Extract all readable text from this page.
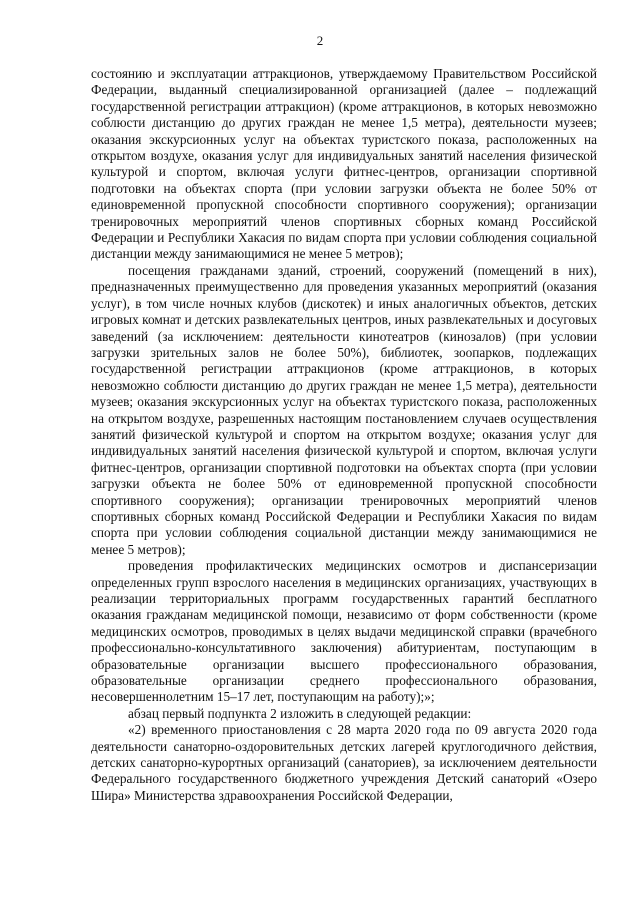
2

состоянию и эксплуатации аттракционов, утверждаемому Правительством Российской Федерации, выданный специализированной организацией (далее – подлежащий государственной регистрации аттракцион) (кроме аттракционов, в которых невозможно соблюсти дистанцию до других граждан не менее 1,5 метра), деятельности музеев; оказания экскурсионных услуг на объектах туристского показа, расположенных на открытом воздухе, оказания услуг для индивидуальных занятий населения физической культурой и спортом, включая услуги фитнес-центров, организации спортивной подготовки на объектах спорта (при условии загрузки объекта не более 50% от единовременной пропускной способности спортивного сооружения); организации тренировочных мероприятий членов спортивных сборных команд Российской Федерации и Республики Хакасия по видам спорта при условии соблюдения социальной дистанции между занимающимися не менее 5 метров);

посещения гражданами зданий, строений, сооружений (помещений в них), предназначенных преимущественно для проведения указанных мероприятий (оказания услуг), в том числе ночных клубов (дискотек) и иных аналогичных объектов, детских игровых комнат и детских развлекательных центров, иных развлекательных и досуговых заведений (за исключением: деятельности кинотеатров (кинозалов) (при условии загрузки зрительных залов не более 50%), библиотек, зоопарков, подлежащих государственной регистрации аттракционов (кроме аттракционов, в которых невозможно соблюсти дистанцию до других граждан не менее 1,5 метра), деятельности музеев; оказания экскурсионных услуг на объектах туристского показа, расположенных на открытом воздухе, разрешенных настоящим постановлением случаев осуществления занятий физической культурой и спортом на открытом воздухе; оказания услуг для индивидуальных занятий населения физической культурой и спортом, включая услуги фитнес-центров, организации спортивной подготовки на объектах спорта (при условии загрузки объекта не более 50% от единовременной пропускной способности спортивного сооружения); организации тренировочных мероприятий членов спортивных сборных команд Российской Федерации и Республики Хакасия по видам спорта при условии соблюдения социальной дистанции между занимающимися не менее 5 метров);

проведения профилактических медицинских осмотров и диспансеризации определенных групп взрослого населения в медицинских организациях, участвующих в реализации территориальных программ государственных гарантий бесплатного оказания гражданам медицинской помощи, независимо от форм собственности (кроме медицинских осмотров, проводимых в целях выдачи медицинской справки (врачебного профессионально-консультативного заключения) абитуриентам, поступающим в образовательные организации высшего профессионального образования, образовательные организации среднего профессионального образования, несовершеннолетним 15–17 лет, поступающим на работу);»;

абзац первый подпункта 2 изложить в следующей редакции:

«2) временного приостановления с 28 марта 2020 года по 09 августа 2020 года деятельности санаторно-оздоровительных детских лагерей круглогодичного действия, детских санаторно-курортных организаций (санаториев), за исключением деятельности Федерального государственного бюджетного учреждения Детский санаторий «Озеро Шира» Министерства здравоохранения Российской Федерации,
